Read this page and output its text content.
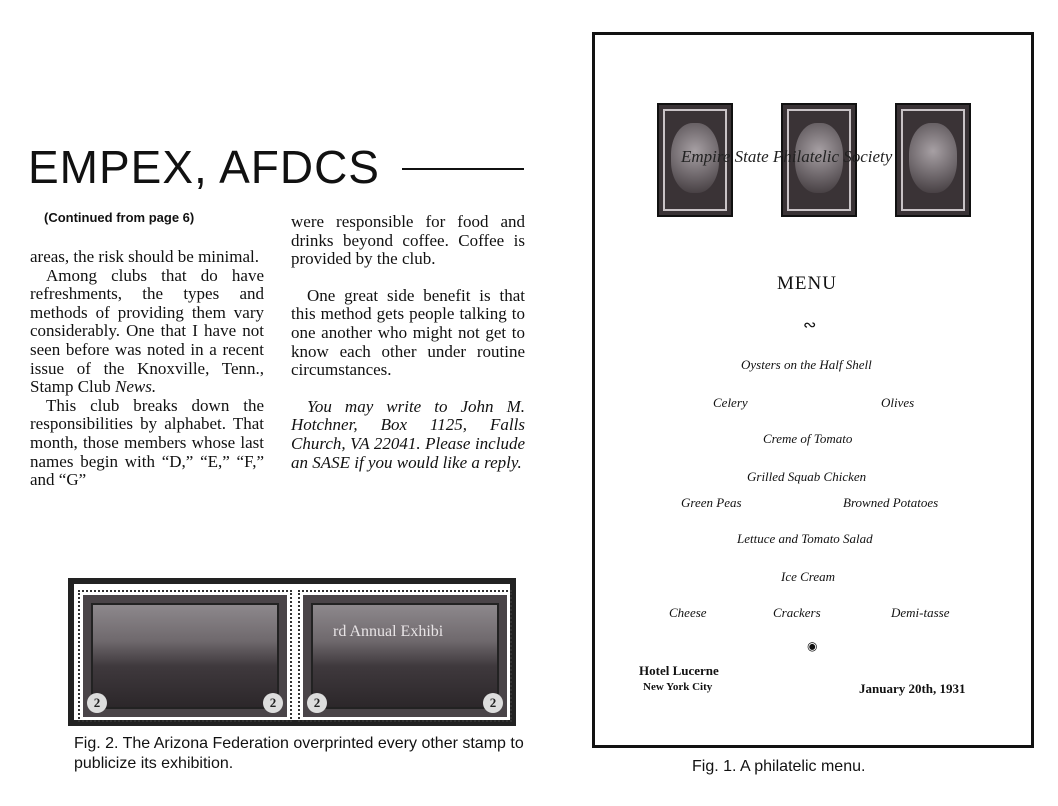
EMPEX, AFDCS
(Continued from page 6)

areas, the risk should be minimal.

Among clubs that do have refreshments, the types and methods of providing them vary considerably. One that I have not seen before was noted in a recent issue of the Knoxville, Tenn., Stamp Club News.

This club breaks down the responsibilities by alphabet. That month, those members whose last names begin with “D,” “E,” “F,” and “G”

were responsible for food and drinks beyond coffee. Coffee is provided by the club.

One great side benefit is that this method gets people talking to one another who might not get to know each other under routine circumstances.

You may write to John M. Hotchner, Box 1125, Falls Church, VA 22041. Please include an SASE if you would like a reply.

2	2
rd Annual Exhibi
2	2
Fig. 2. The Arizona Federation overprinted every other stamp to publicize its exhibition.
Empire State Philatelic Society
MENU
∾
Oysters on the Half Shell
Celery	Olives
Creme of Tomato
Grilled Squab Chicken
Green Peas	Browned Potatoes
Lettuce and Tomato Salad
Ice Cream
Cheese	Crackers	Demi-tasse
◉
Hotel Lucerne
New York City	January 20th, 1931
Fig. 1. A philatelic menu.
